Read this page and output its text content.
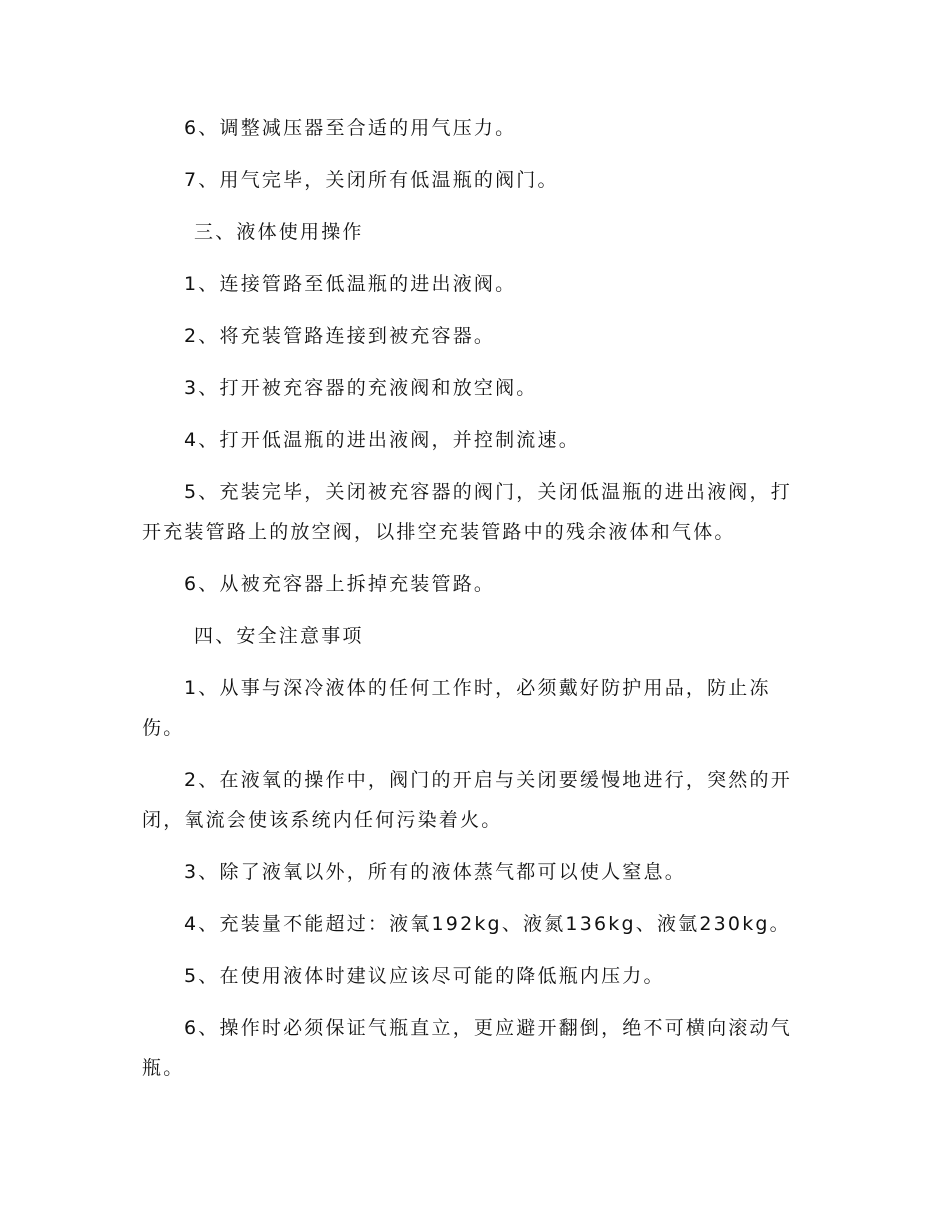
6、调整减压器至合适的用气压力。

7、用气完毕，关闭所有低温瓶的阀门。

三、液体使用操作

1、连接管路至低温瓶的进出液阀。

2、将充装管路连接到被充容器。

3、打开被充容器的充液阀和放空阀。

4、打开低温瓶的进出液阀，并控制流速。

5、充装完毕，关闭被充容器的阀门，关闭低温瓶的进出液阀，打开充装管路上的放空阀，以排空充装管路中的残余液体和气体。

6、从被充容器上拆掉充装管路。

四、安全注意事项

1、从事与深冷液体的任何工作时，必须戴好防护用品，防止冻伤。

2、在液氧的操作中，阀门的开启与关闭要缓慢地进行，突然的开闭，氧流会使该系统内任何污染着火。

3、除了液氧以外，所有的液体蒸气都可以使人窒息。

4、充装量不能超过：液氧192kg、液氮136kg、液氩230kg。

5、在使用液体时建议应该尽可能的降低瓶内压力。

6、操作时必须保证气瓶直立，更应避开翻倒，绝不可横向滚动气瓶。
